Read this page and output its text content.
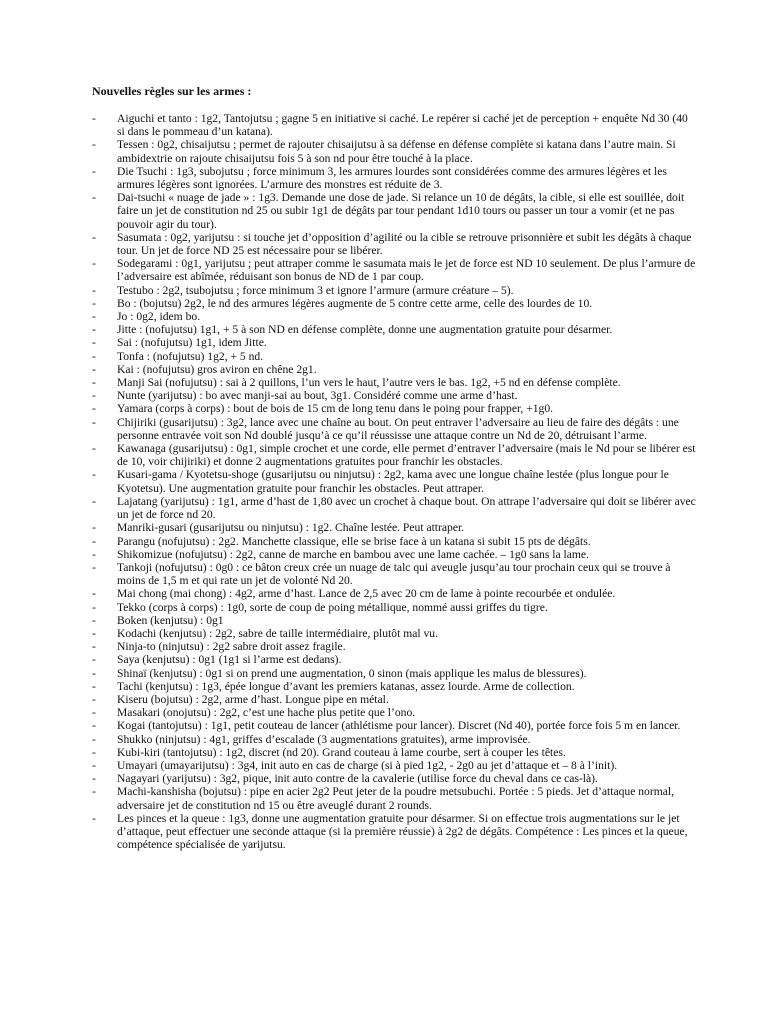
Nouvelles règles sur les armes :
- Aiguchi et tanto : 1g2, Tantojutsu ; gagne 5 en initiative si caché. Le repérer si caché jet de perception + enquête Nd 30 (40 si dans le pommeau d’un katana).
- Tessen : 0g2, chisaijutsu ; permet de rajouter chisaijutsu à sa défense en défense complète si katana dans l’autre main. Si ambidextrie on rajoute chisaijutsu fois 5 à son nd pour être touché à la place.
- Die Tsuchi : 1g3, subojutsu ; force minimum 3, les armures lourdes sont considérées comme des armures légères et les armures légères sont ignorées. L’armure des monstres est réduite de 3.
- Dai-tsuchi « nuage de jade » : 1g3. Demande une dose de jade. Si relance un 10 de dégâts, la cible, si elle est souillée, doit faire un jet de constitution nd 25 ou subir 1g1 de dégâts par tour pendant 1d10 tours ou passer un tour a vomir (et ne pas pouvoir agir du tour).
- Sasumata : 0g2, yarijutsu : si touche jet d’opposition d’agilité ou la cible se retrouve prisonnière et subit les dégâts à chaque tour. Un jet de force ND 25 est nécessaire pour se libérer.
- Sodegarami : 0g1, yarijutsu ; peut attraper comme le sasumata mais le jet de force est ND 10 seulement. De plus l’armure de l’adversaire est abîmée, réduisant son bonus de ND de 1 par coup.
- Testubo : 2g2, tsubojutsu ; force minimum 3 et ignore l’armure (armure créature – 5).
- Bo : (bojutsu) 2g2, le nd des armures légères augmente de 5 contre cette arme, celle des lourdes de 10.
- Jo : 0g2, idem bo.
- Jitte : (nofujutsu) 1g1, + 5 à son ND en défense complète, donne une augmentation gratuite pour désarmer.
- Sai : (nofujutsu) 1g1, idem Jitte.
- Tonfa : (nofujutsu) 1g2, + 5 nd.
- Kai : (nofujutsu) gros aviron en chêne 2g1.
- Manji Sai (nofujutsu) : sai à 2 quillons, l’un vers le haut, l’autre vers le bas. 1g2, +5 nd en défense complète.
- Nunte (yarijutsu) : bo avec manji-sai au bout, 3g1. Considéré comme une arme d’hast.
- Yamara (corps à corps) : bout de bois de 15 cm de long tenu dans le poing pour frapper, +1g0.
- Chijiriki (gusarijutsu) : 3g2, lance avec une chaîne au bout. On peut entraver l’adversaire au lieu de faire des dégâts : une personne entravée voit son Nd doublé jusqu’à ce qu’il réussisse une attaque contre un Nd de 20, détruisant l’arme.
- Kawanaga (gusarijutsu) : 0g1, simple crochet et une corde, elle permet d’entraver l’adversaire (mais le Nd pour se libérer est de 10, voir chijiriki) et donne 2 augmentations gratuites pour franchir les obstacles.
- Kusari-gama / Kyotetsu-shoge (gusarijutsu ou ninjutsu) : 2g2, kama avec une longue chaîne lestée (plus longue pour le Kyotetsu). Une augmentation gratuite pour franchir les obstacles. Peut attraper.
- Lajatang (yarijutsu) : 1g1, arme d’hast de 1,80 avec un crochet à chaque bout. On attrape l’adversaire qui doit se libérer avec un jet de force nd 20.
- Manriki-gusari (gusarijutsu ou ninjutsu) : 1g2. Chaîne lestée. Peut attraper.
- Parangu (nofujutsu) : 2g2. Manchette classique, elle se brise face à un katana si subit 15 pts de dégâts.
- Shikomizue (nofujutsu) : 2g2, canne de marche en bambou avec une lame cachée. – 1g0 sans la lame.
- Tankoji (nofujutsu) : 0g0 : ce bâton creux crée un nuage de talc qui aveugle jusqu’au tour prochain ceux qui se trouve à moins de 1,5 m et qui rate un jet de volonté Nd 20.
- Mai chong (mai chong) : 4g2, arme d’hast. Lance de 2,5 avec 20 cm de lame à pointe recourbée et ondulée.
- Tekko (corps à corps) : 1g0, sorte de coup de poing métallique, nommé aussi griffes du tigre.
- Boken (kenjutsu) : 0g1
- Kodachi (kenjutsu) : 2g2, sabre de taille intermédiaire, plutôt mal vu.
- Ninja-to (ninjutsu) : 2g2 sabre droit assez fragile.
- Saya (kenjutsu) : 0g1 (1g1 si l’arme est dedans).
- Shinaï (kenjutsu) : 0g1 si on prend une augmentation, 0 sinon (mais applique les malus de blessures).
- Tachi (kenjutsu) : 1g3, épée longue d’avant les premiers katanas, assez lourde. Arme de collection.
- Kiseru (bojutsu) : 2g2, arme d’hast. Longue pipe en métal.
- Masakari (onojutsu) : 2g2, c’est une hache plus petite que l’ono.
- Kogai (tantojutsu) : 1g1, petit couteau de lancer (athlétisme pour lancer). Discret (Nd 40), portée force fois 5 m en lancer.
- Shukko (ninjutsu) : 4g1, griffes d’escalade (3 augmentations gratuites), arme improvisée.
- Kubi-kiri (tantojutsu) : 1g2, discret (nd 20). Grand couteau à lame courbe, sert à couper les têtes.
- Umayari (umayarijutsu) : 3g4, init auto en cas de charge (si à pied 1g2, - 2g0 au jet d’attaque et – 8 à l’init).
- Nagayari (yarijutsu) : 3g2, pique, init auto contre de la cavalerie (utilise force du cheval dans ce cas-là).
- Machi-kanshisha (bojutsu) : pipe en acier 2g2 Peut jeter de la poudre metsubuchi. Portée : 5 pieds. Jet d’attaque normal, adversaire jet de constitution nd 15 ou être aveuglé durant 2 rounds.
- Les pinces et la queue : 1g3, donne une augmentation gratuite pour désarmer. Si on effectue trois augmentations sur le jet d’attaque, peut effectuer une seconde attaque (si la première réussie) à 2g2 de dégâts. Compétence : Les pinces et la queue, compétence spécialisée de yarijutsu.
